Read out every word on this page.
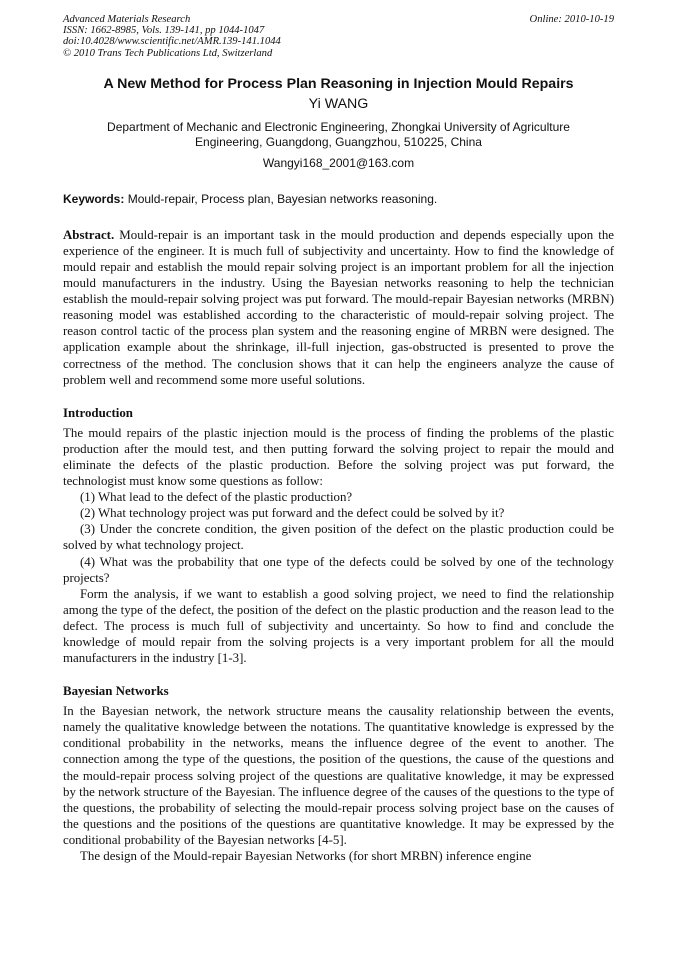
Advanced Materials Research
ISSN: 1662-8985, Vols. 139-141, pp 1044-1047
doi:10.4028/www.scientific.net/AMR.139-141.1044
© 2010 Trans Tech Publications Ltd, Switzerland
Online: 2010-10-19
A New Method for Process Plan Reasoning in Injection Mould Repairs
Yi WANG
Department of Mechanic and Electronic Engineering, Zhongkai University of Agriculture Engineering, Guangdong, Guangzhou, 510225, China
Wangyi168_2001@163.com
Keywords: Mould-repair, Process plan, Bayesian networks reasoning.

Abstract. Mould-repair is an important task in the mould production and depends especially upon the experience of the engineer. It is much full of subjectivity and uncertainty. How to find the knowledge of mould repair and establish the mould repair solving project is an important problem for all the injection mould manufacturers in the industry. Using the Bayesian networks reasoning to help the technician establish the mould-repair solving project was put forward. The mould-repair Bayesian networks (MRBN) reasoning model was established according to the characteristic of mould-repair solving project. The reason control tactic of the process plan system and the reasoning engine of MRBN were designed. The application example about the shrinkage, ill-full injection, gas-obstructed is presented to prove the correctness of the method. The conclusion shows that it can help the engineers analyze the cause of problem well and recommend some more useful solutions.

Introduction

The mould repairs of the plastic injection mould is the process of finding the problems of the plastic production after the mould test, and then putting forward the solving project to repair the mould and eliminate the defects of the plastic production. Before the solving project was put forward, the technologist must know some questions as follow:

(1) What lead to the defect of the plastic production?

(2) What technology project was put forward and the defect could be solved by it?

(3) Under the concrete condition, the given position of the defect on the plastic production could be solved by what technology project.

(4) What was the probability that one type of the defects could be solved by one of the technology projects?

Form the analysis, if we want to establish a good solving project, we need to find the relationship among the type of the defect, the position of the defect on the plastic production and the reason lead to the defect. The process is much full of subjectivity and uncertainty. So how to find and conclude the knowledge of mould repair from the solving projects is a very important problem for all the mould manufacturers in the industry [1-3].

Bayesian Networks

In the Bayesian network, the network structure means the causality relationship between the events, namely the qualitative knowledge between the notations. The quantitative knowledge is expressed by the conditional probability in the networks, means the influence degree of the event to another. The connection among the type of the questions, the position of the questions, the cause of the questions and the mould-repair process solving project of the questions are qualitative knowledge, it may be expressed by the network structure of the Bayesian. The influence degree of the causes of the questions to the type of the questions, the probability of selecting the mould-repair process solving project base on the causes of the questions and the positions of the questions are quantitative knowledge. It may be expressed by the conditional probability of the Bayesian networks [4-5].

The design of the Mould-repair Bayesian Networks (for short MRBN) inference engine
